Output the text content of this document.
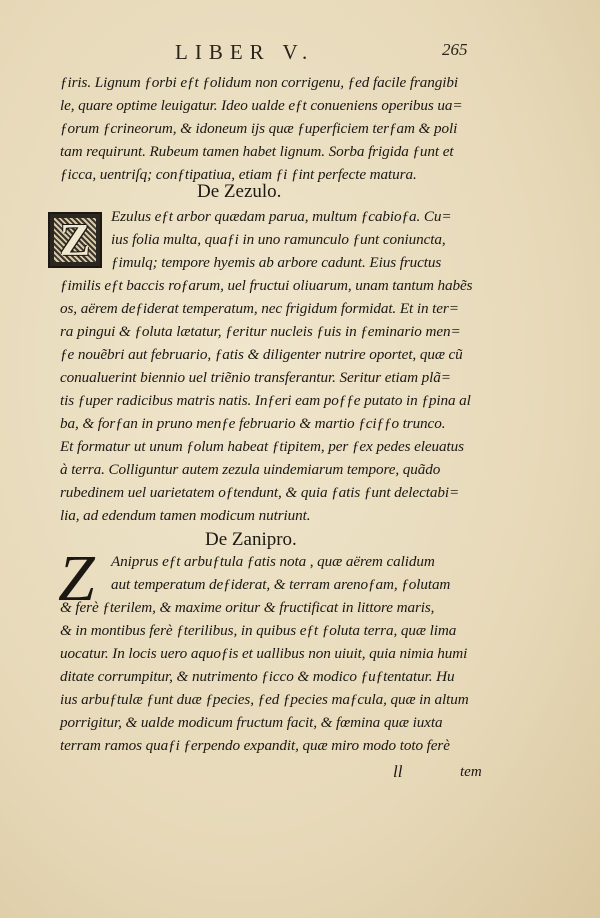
LIBER V.	265
ƒiris. Lignum ƒorbi eƒt ƒolidum non corrigenu, ƒed facile frangibi
le, quare optime leuigatur. Ideo ualde eƒt conueniens operibus ua=
ƒorum ƒcrineorum, & idoneum ijs quæ ƒuperficiem terƒam & poli
tam requirunt. Rubeum tamen habet lignum. Sorba frigida ƒunt et
ƒicca, uentriſq; conƒtipatiua, etiam ƒi ƒint perfecte matura.
De Zezulo.
Z	Ezulus eƒt arbor quædam parua, multum ƒcabioƒa. Cu=
ius folia multa, quaƒi in uno ramunculo ƒunt coniuncta,
ƒimulq; tempore hyemis ab arbore cadunt. Eius fructus
ƒimilis eƒt baccis roƒarum, uel fructui oliuarum, unam tantum habẽs
os, aërem deƒiderat temperatum, nec frigidum formidat. Et in ter=
ra pingui & ƒoluta lætatur, ƒeritur nucleis ƒuis in ƒeminario men=
ƒe nouẽbri aut februario, ƒatis & diligenter nutrire oportet, quæ cũ
conualuerint biennio uel triẽnio transferantur. Seritur etiam plã=
tis ƒuper radicibus matris natis. Inƒeri eam poƒƒe putato in ƒpina al
ba, & forƒan in pruno menƒe februario & martio ƒciƒƒo trunco.
Et formatur ut unum ƒolum habeat ƒtipitem, per ƒex pedes eleuatus
à terra. Colliguntur autem zezula uindemiarum tempore, quãdo
rubedinem uel uarietatem oƒtendunt, & quia ƒatis ƒunt delectabi=
lia, ad edendum tamen modicum nutriunt.
De Zanipro.
Z Aniprus eƒt arbuƒtula ƒatis nota , quæ aërem calidum
aut temperatum deƒiderat, & terram arenoƒam, ƒolutam
& ferè ƒterilem, & maxime oritur & fructificat in littore maris,
& in montibus ferè ƒterilibus, in quibus eƒt ƒoluta terra, quæ lima
uocatur. In locis uero aquoƒis et uallibus non uiuit, quia nimia humi
ditate corrumpitur, & nutrimento ƒicco & modico ƒuƒtentatur. Hu
ius arbuƒtulæ ƒunt duæ ƒpecies, ƒed ƒpecies maƒcula, quæ in altum
porrigitur, & ualde modicum fructum facit, & fœmina quæ iuxta
terram ramos quaƒi ƒerpendo expandit, quæ miro modo toto ferè
ll	tem
